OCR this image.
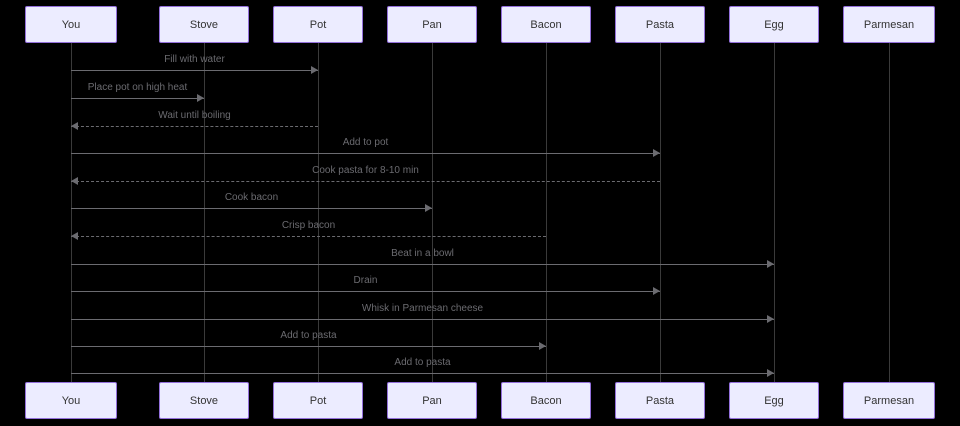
You	Stove	Pot	Pan	Bacon	Pasta	Egg	Parmesan
You	Stove	Pot	Pan	Bacon	Pasta	Egg	Parmesan
Fill with water
Place pot on high heat
Wait until boiling
Add to pot
Cook pasta for 8-10 min
Cook bacon
Crisp bacon
Beat in a bowl
Drain
Whisk in Parmesan cheese
Add to pasta
Add to pasta
